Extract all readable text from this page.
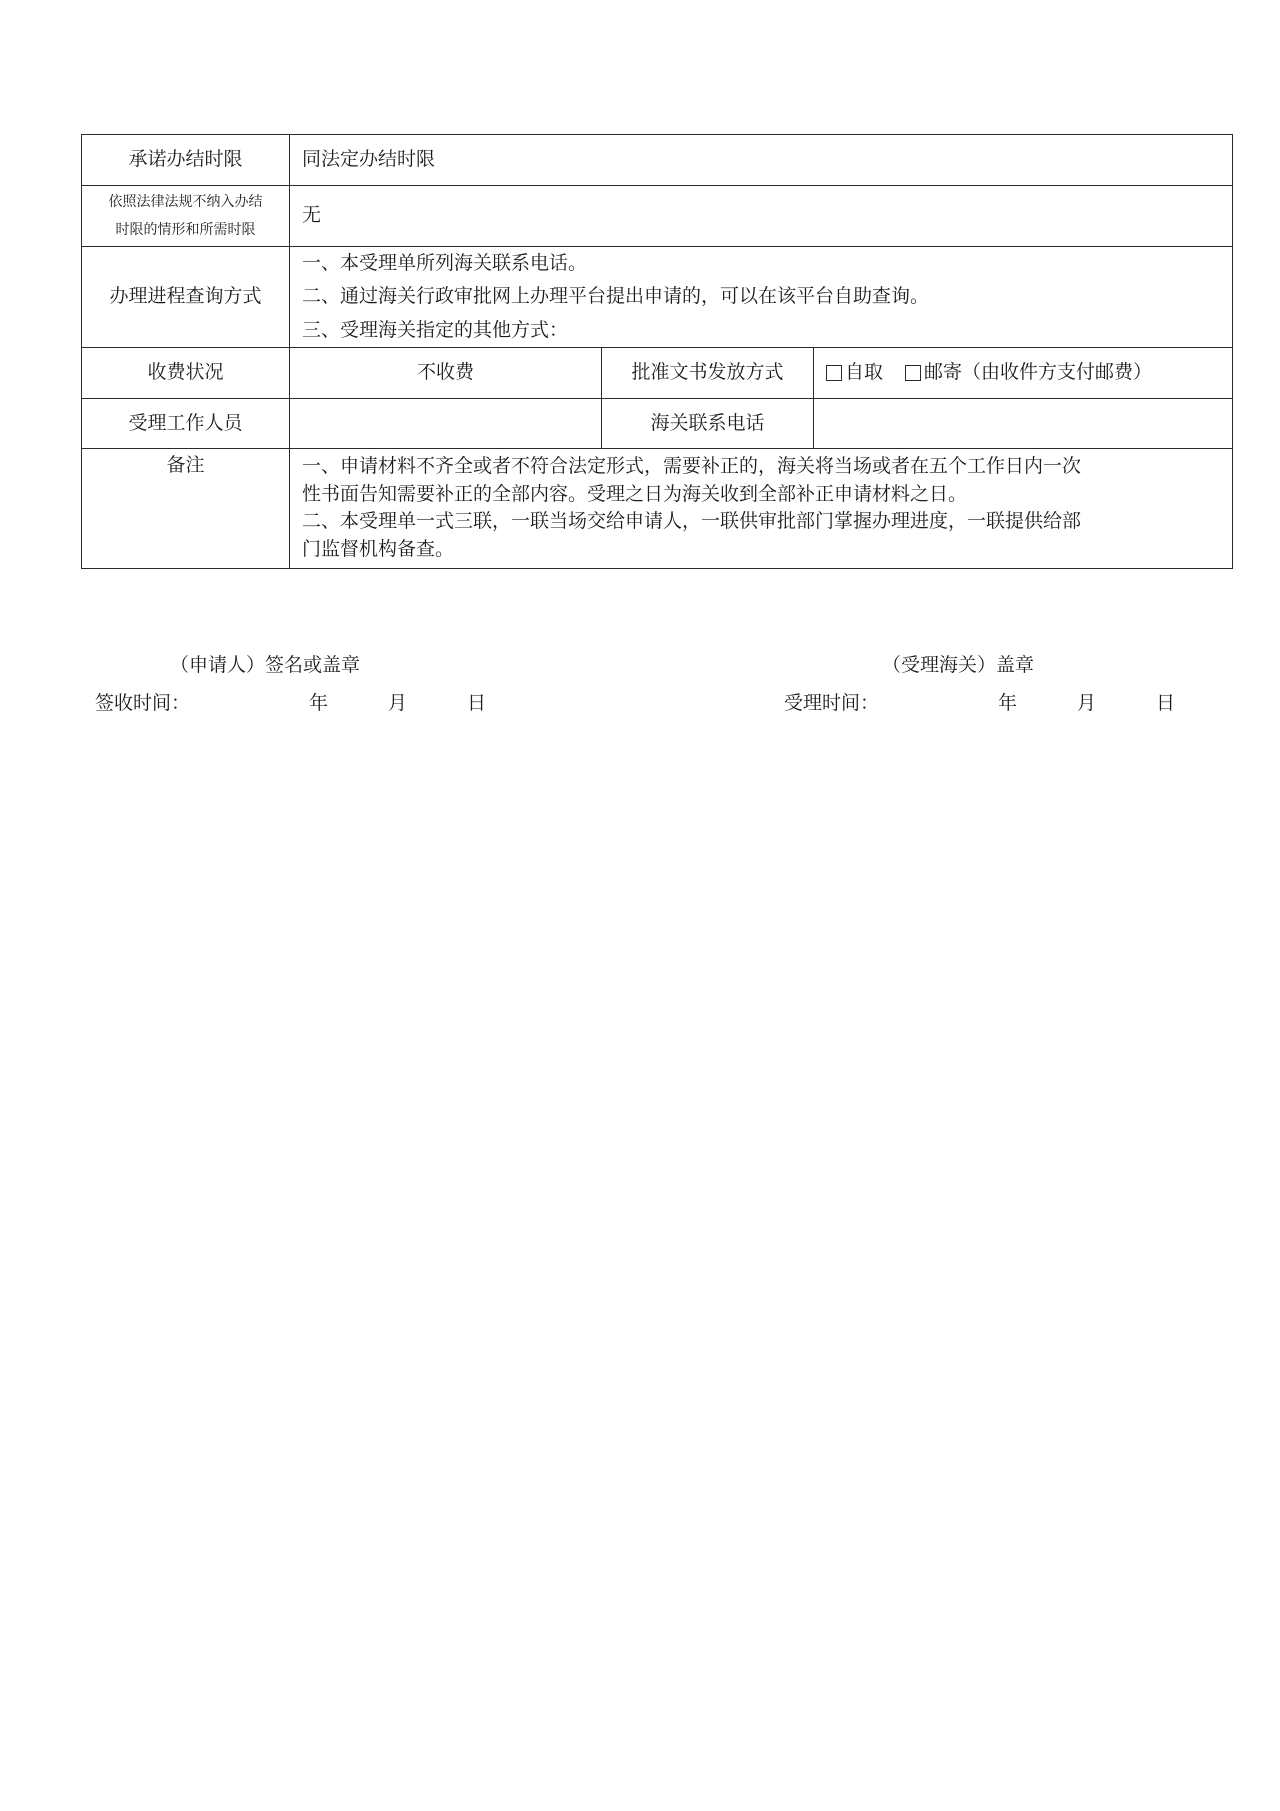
承诺办结时限	同法定办结时限		

依照法律法规不纳入办结
时限的情形和所需时限	无		
办理进程查询方式	一、本受理单所列海关联系电话。
二、通过海关行政审批网上办理平台提出申请的，可以在该平台自助查询。
三、受理海关指定的其他方式：		

收费状况	不收费	批准文书发放方式	自取 邮寄（由收件方支付邮费）

受理工作人员		海关联系电话	
备注	一、申请材料不齐全或者不符合法定形式，需要补正的，海关将当场或者在五个工作日内一次
性书面告知需要补正的全部内容。受理之日为海关收到全部补正申请材料之日。
二、本受理单一式三联，一联当场交给申请人，一联供审批部门掌握办理进度，一联提供给部
门监督机构备查。		
（申请人）签名或盖章
签收时间：	年	月	日
（受理海关）盖章
受理时间：	年	月	日
